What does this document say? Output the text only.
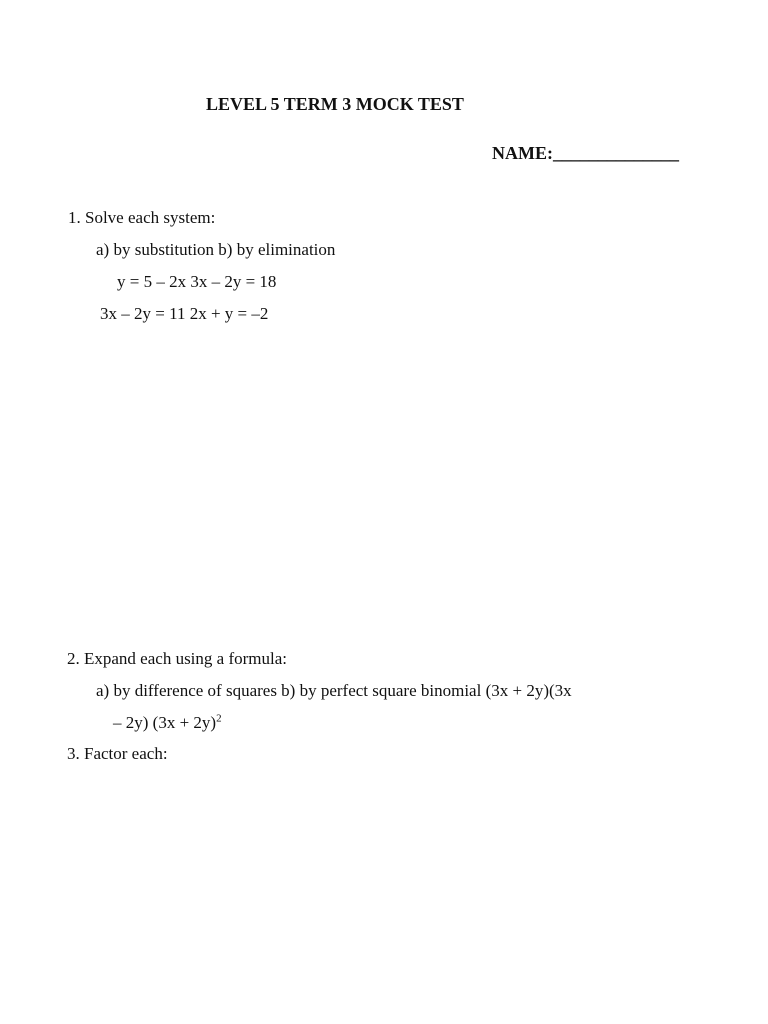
LEVEL 5 TERM 3 MOCK TEST
NAME:______________
1. Solve each system:
a) by substitution b) by elimination
y = 5 – 2x 3x – 2y = 18
3x – 2y = 11 2x + y = –2
2. Expand each using a formula:
a) by difference of squares b) by perfect square binomial (3x + 2y)(3x
– 2y) $(3x + 2y)^2$
3. Factor each:
